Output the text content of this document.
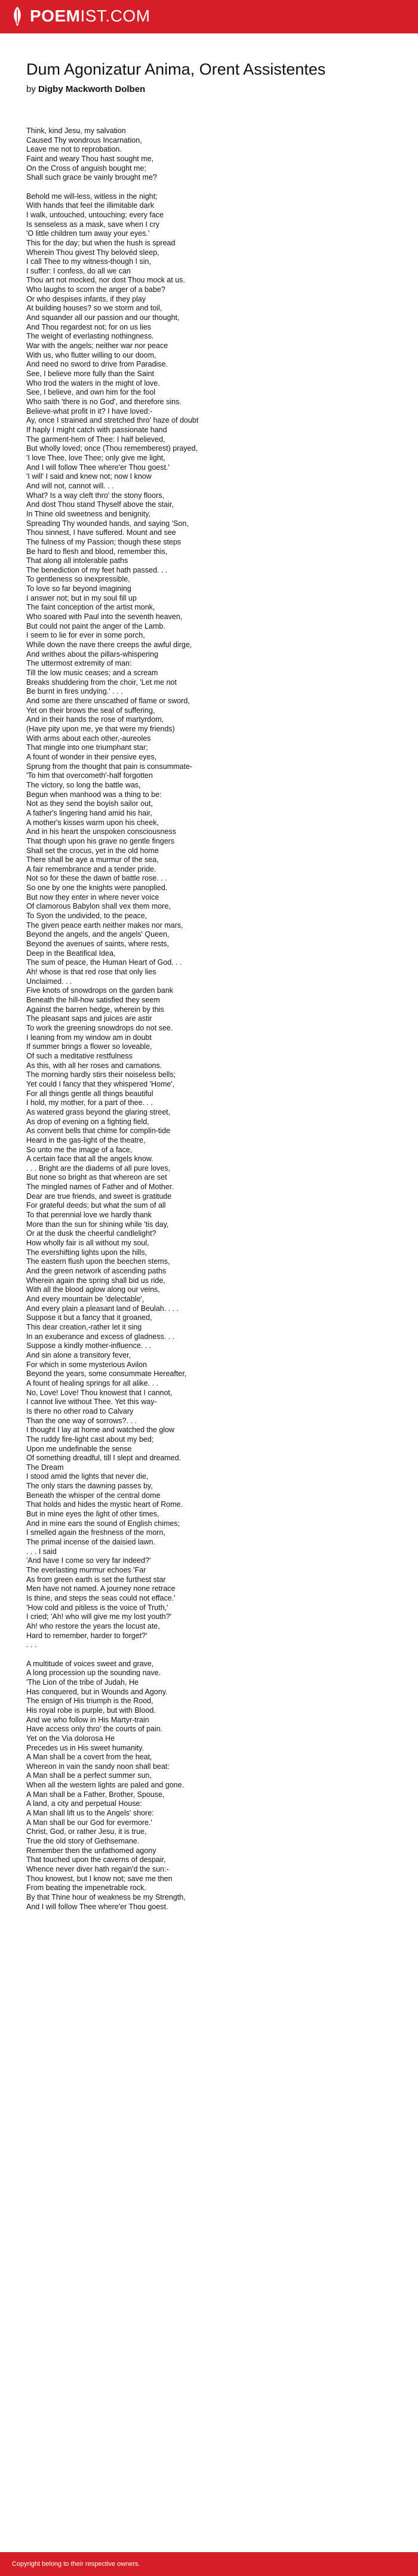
POEMIST.COM
Dum Agonizatur Anima, Orent Assistentes

by Digby Mackworth Dolben

Think, kind Jesu, my salvation
Caused Thy wondrous Incarnation,
Leave me not to reprobation.
Faint and weary Thou hast sought me,
On the Cross of anguish bought me;
Shall such grace be vainly brought me?
Behold me will-less, witless in the night;
With hands that feel the illimitable dark
I walk, untouched, untouching; every face
Is senseless as a mask, save when I cry
'O little children turn away your eyes.'
This for the day; but when the hush is spread
Wherein Thou givest Thy belovéd sleep,
I call Thee to my witness-though I sin,
I suffer: I confess, do all we can
Thou art not mocked, nor dost Thou mock at us.
Who laughs to scorn the anger of a babe?
Or who despises infants, if they play
At building houses? so we storm and toil,
And squander all our passion and our thought,
And Thou regardest not; for on us lies
The weight of everlasting nothingness.
War with the angels; neither war nor peace
With us, who flutter willing to our doom,
And need no sword to drive from Paradise.
See, I believe more fully than the Saint
Who trod the waters in the might of love.
See, I believe, and own him for the fool
Who saith 'there is no God', and therefore sins.
Believe-what profit in it? I have loved:-
Ay, once I strained and stretched thro' haze of doubt
If haply I might catch with passionate hand
The garment-hem of Thee: I half believed,
But wholly loved; once (Thou rememberest) prayed,
'I love Thee, love Thee; only give me light,
And I will follow Thee where'er Thou goest.'
'I will' I said and knew not; now I know
And will not, cannot will. . .
What? Is a way cleft thro' the stony floors,
And dost Thou stand Thyself above the stair,
In Thine old sweetness and benignity,
Spreading Thy wounded hands, and saying 'Son,
Thou sinnest, I have suffered. Mount and see
The fulness of my Passion; though these steps
Be hard to flesh and blood, remember this,
That along all intolerable paths
The benediction of my feet hath passed. . .
To gentleness so inexpressible,
To love so far beyond imagining
I answer not; but in my soul fill up
The faint conception of the artist monk,
Who soared with Paul into the seventh heaven,
But could not paint the anger of the Lamb.
I seem to lie for ever in some porch,
While down the nave there creeps the awful dirge,
And writhes about the pillars-whispering
The uttermost extremity of man:
Till the low music ceases; and a scream
Breaks shuddering from the choir, 'Let me not
Be burnt in fires undying.' . . .
And some are there unscathed of flame or sword,
Yet on their brows the seal of suffering,
And in their hands the rose of martyrdom,
(Have pity upon me, ye that were my friends)
With arms about each other,-aureoles
That mingle into one triumphant star;
A fount of wonder in their pensive eyes,
Sprung from the thought that pain is consummate-
'To him that overcometh'-half forgotten
The victory, so long the battle was,
Begun when manhood was a thing to be:
Not as they send the boyish sailor out,
A father's lingering hand amid his hair,
A mother's kisses warm upon his cheek,
And in his heart the unspoken consciousness
That though upon his grave no gentle fingers
Shall set the crocus, yet in the old home
There shall be aye a murmur of the sea,
A fair remembrance and a tender pride.
Not so for these the dawn of battle rose. . .
So one by one the knights were panoplied.
But now they enter in where never voice
Of clamorous Babylon shall vex them more,
To Syon the undivided, to the peace,
The given peace earth neither makes nor mars,
Beyond the angels, and the angels' Queen,
Beyond the avenues of saints, where rests,
Deep in the Beatifical Idea,
The sum of peace, the Human Heart of God. . .
Ah! whose is that red rose that only lies
Unclaimed. . .
Five knots of snowdrops on the garden bank
Beneath the hill-how satisfied they seem
Against the barren hedge, wherein by this
The pleasant saps and juices are astir
To work the greening snowdrops do not see.
I leaning from my window am in doubt
If summer brings a flower so loveable,
Of such a meditative restfulness
As this, with all her roses and carnations.
The morning hardly stirs their noiseless bells;
Yet could I fancy that they whispered 'Home',
For all things gentle all things beautiful
I hold, my mother, for a part of thee. . .
As watered grass beyond the glaring street,
As drop of evening on a fighting field,
As convent bells that chime for complin-tide
Heard in the gas-light of the theatre,
So unto me the image of a face,
A certain face that all the angels know.
. . . Bright are the diadems of all pure loves,
But none so bright as that whereon are set
The mingled names of Father and of Mother.
Dear are true friends, and sweet is gratitude
For grateful deeds; but what the sum of all
To that perennial love we hardly thank
More than the sun for shining while 'tis day,
Or at the dusk the cheerful candlelight?
How wholly fair is all without my soul,
The evershifting lights upon the hills,
The eastern flush upon the beechen stems,
And the green network of ascending paths
Wherein again the spring shall bid us ride,
With all the blood aglow along our veins,
And every mountain be 'delectable',
And every plain a pleasant land of Beulah. . . .
Suppose it but a fancy that it groaned,
This dear creation,-rather let it sing
In an exuberance and excess of gladness. . .
Suppose a kindly mother-influence. . .
And sin alone a transitory fever,
For which in some mysterious Avilon
Beyond the years, some consummate Hereafter,
A fount of healing springs for all alike. . .
No, Love! Love! Thou knowest that I cannot,
I cannot live without Thee. Yet this way-
Is there no other road to Calvary
Than the one way of sorrows?. . .
I thought I lay at home and watched the glow
The ruddy fire-light cast about my bed;
Upon me undefinable the sense
Of something dreadful, till I slept and dreamed.
The Dream
I stood amid the lights that never die,
The only stars the dawning passes by,
Beneath the whisper of the central dome
That holds and hides the mystic heart of Rome.
But in mine eyes the light of other times,
And in mine ears the sound of English chimes;
I smelled again the freshness of the morn,
The primal incense of the daisied lawn.
. . . I said
'And have I come so very far indeed?'
The everlasting murmur echoes 'Far
As from green earth is set the furthest star
Men have not named. A journey none retrace
Is thine, and steps the seas could not efface.'
'How cold and pitiless is the voice of Truth,'
I cried; 'Ah! who will give me my lost youth?'
Ah! who restore the years the locust ate,
Hard to remember, harder to forget?'
. . .
A multitude of voices sweet and grave,
A long procession up the sounding nave.
'The Lion of the tribe of Judah, He
Has conquered, but in Wounds and Agony.
The ensign of His triumph is the Rood,
His royal robe is purple, but with Blood.
And we who follow in His Martyr-train
Have access only thro' the courts of pain.
Yet on the Via dolorosa He
Precedes us in His sweet humanity.
A Man shall be a covert from the heat,
Whereon in vain the sandy noon shall beat:
A Man shall be a perfect summer sun,
When all the western lights are paled and gone.
A Man shall be a Father, Brother, Spouse,
A land, a city and perpetual House:
A Man shall lift us to the Angels' shore:
A Man shall be our God for evermore.'
Christ, God, or rather Jesu, it is true,
True the old story of Gethsemane.
Remember then the unfathomed agony
That touched upon the caverns of despair,
Whence never diver hath regain'd the sun:-
Thou knowest, but I know not; save me then
From beating the impenetrable rock.
By that Thine hour of weakness be my Strength,
And I will follow Thee where'er Thou goest.
Copyright belong to their respective owners.
